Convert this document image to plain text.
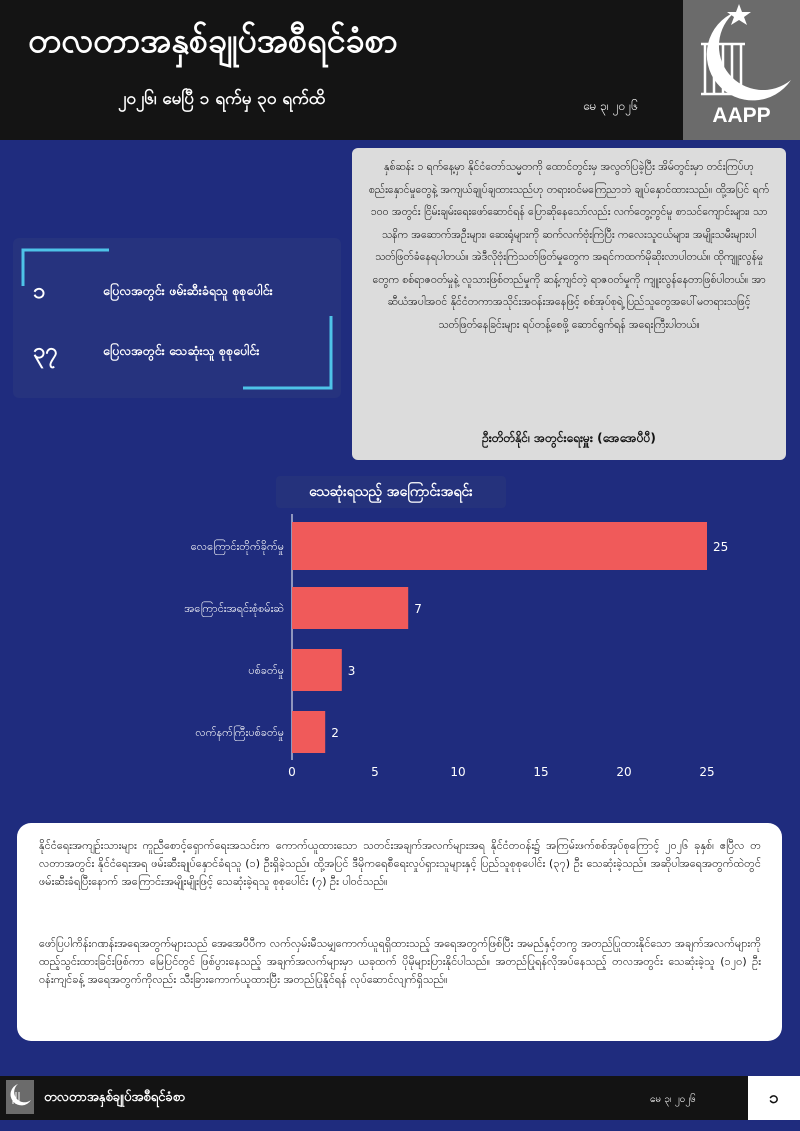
တလတာအနှစ်ချုပ်အစီရင်ခံစာ
၂၀၂၆၊ မေပြီ ၁ ရက်မှ ၃၀ ရက်ထိ	မေ ၃၊ ၂၀၂၆	AAPP
၁	ပြေလအတွင်း ဖမ်းဆီးခံရသူ စုစုပေါင်း
၃၇	ပြေလအတွင်း သေဆုံးသူ စုစုပေါင်း
နှစ်ဆန်း ၁ ရက်နေ့မှာ နိုင်ငံတော်သမ္မတကို ထောင်တွင်းမှ အလွတ်ပြခဲ့ပြီး အိမ်တွင်းမှာ တင်းကြပ်ဟု စည်းနှောင်မှုတွေနဲ့ အကျယ်ချုပ်ချထားသည်ဟု တရားဝင်မကြေညာဘဲ ချုပ်နှောင်ထားသည်။ ထို့အပြင် ရက် ၁၀၀ အတွင်း ငြိမ်းချမ်းရေးဖော်ဆောင်ရန် ပြောဆိုနေသော်လည်း လက်တွေ့တွင်မူ စာသင်ကျောင်းများ၊ သာသနိက အဆောက်အဦးများ၊ ဆေးရုံများကို ဆက်လက်ဗုံးကြဲပြီး ကလေးသူငယ်များ၊ အမျိုးသမီးများပါ သတ်ဖြတ်ခံနေရပါတယ်။ အဲဒီလိုဗုံးကြဲသတ်ဖြတ်မှုတွေက အရင်ကထက်မိုဆိုးလာပါတယ်။ ထိုကျူးလွန်မှုတွေက စစ်ရာဇဝတ်မှုနဲ့ လူသားဖြစ်တည်မှုကို ဆန့်ကျင်တဲ့ ရာဇဝတ်မှုကို ကျူးလွန်နေတာဖြစ်ပါတယ်။ အာဆီယံအပါအဝင် နိုင်ငံတကာအသိုင်းအဝန်းအနေဖြင့် စစ်အုပ်စုရဲ့ ပြည်သူတွေအပေါ်မတရားသဖြင့် သတ်ဖြတ်နေခြင်းများ ရပ်တန့်စေဖို့ ဆောင်ရွက်ရန် အရေးကြီးပါတယ်။
ဦးတိတ်နိုင်၊ အတွင်းရေးမှူး (အေအေပီပီ)
သေဆုံးရသည့် အကြောင်းအရင်း
လေကြောင်းတိုက်ခိုက်မှု	25
အကြောင်းအရင်းစုံစမ်းဆဲ	7
ပစ်ခတ်မှု	3
လက်နက်ကြီးပစ်ခတ်မှု	2
0	5	10	15	20	25
နိုင်ငံရေးအကျဉ်းသားများ ကူညီစောင့်ရှောက်ရေးအသင်းက ကောက်ယူထားသော သတင်းအချက်အလက်များအရ နိုင်ငံတဝန်း၌ အကြမ်းဖက်စစ်အုပ်စုကြောင့် ၂၀၂၆ ခုနှစ်၊ ဧပြီလ တလတာအတွင်း နိုင်ငံရေးအရ ဖမ်းဆီးချုပ်နှောင်ခံရသူ (၁) ဦးရှိခဲ့သည်။ ထို့အပြင် ဒီမိုကရေစီရေးလှုပ်ရှားသူများနှင့် ပြည်သူစုစုပေါင်း (၃၇) ဦး သေဆုံးခဲ့သည်။ အဆိုပါအရေအတွက်ထဲတွင် ဖမ်းဆီးခံရပြီးနောက် အကြောင်းအမျိုးမျိုးဖြင့် သေဆုံးခဲ့ရသူ စုစုပေါင်း (၇) ဦး ပါဝင်သည်။
ဖော်ပြပါကိန်းဂဏန်းအရေအတွက်များသည် အေအေပီပီက လက်လှမ်းမီသမျှကောက်ယူရရှိထားသည့် အရေအတွက်ဖြစ်ပြီး အမည်နှင့်တကွ အတည်ပြုထားနိုင်သော အချက်အလက်များကို ထည့်သွင်းထားခြင်းဖြစ်ကာ မြေပြင်တွင် ဖြစ်ပွားနေသည့် အချက်အလက်များမှာ ယခုထက် ပိုမိုများပြားနိုင်ပါသည်။ အတည်ပြုရန်လိုအပ်နေသည့် တလအတွင်း သေဆုံးခဲ့သူ (၁၂၀) ဦး ဝန်းကျင်ခန့် အရေအတွက်ကိုလည်း သီးခြားကောက်ယူထားပြီး အတည်ပြုနိုင်ရန် လုပ်ဆောင်လျက်ရှိသည်။
တလတာအနှစ်ချုပ်အစီရင်ခံစာ	မေ ၃၊ ၂၀၂၆	၁
